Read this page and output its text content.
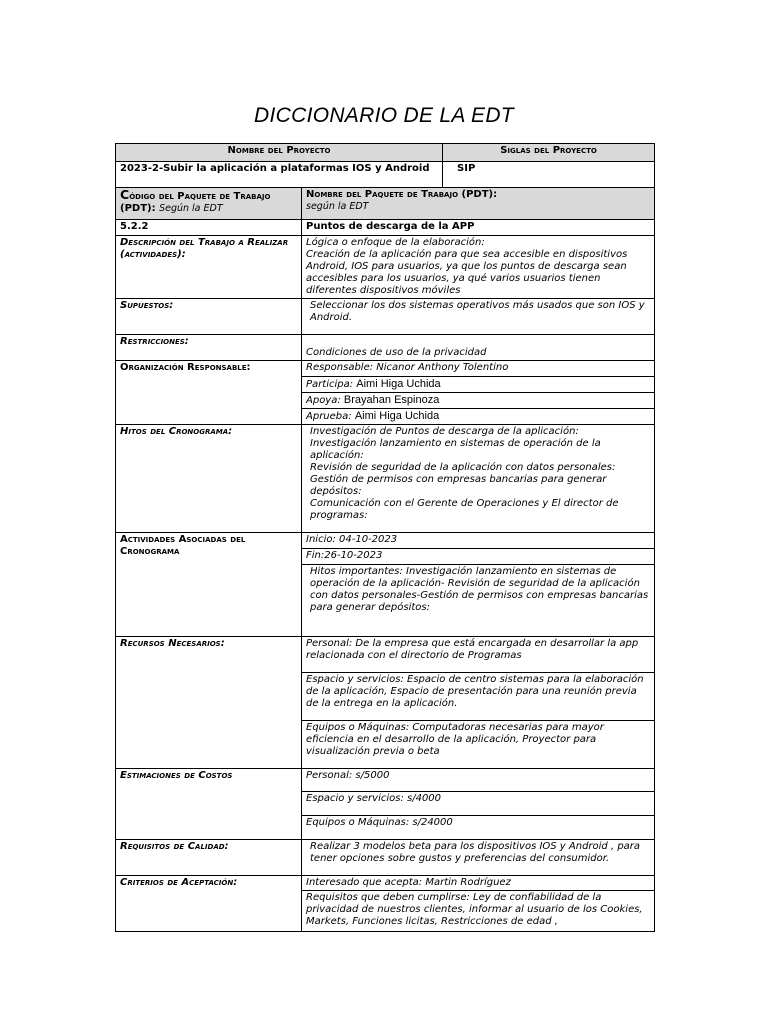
DICCIONARIO DE LA EDT
Nombre del Proyecto		Siglas del Proyecto
2023-2-Subir la aplicación a plataformas IOS y Android		SIP
Código del Paquete de Trabajo (PDT): Según la EDT	Nombre del Paquete de Trabajo (PDT):
según la EDT	
5.2.2	Puntos de descarga de la APP	
Descripción del Trabajo a Realizar (actividades):	Lógica o enfoque de la elaboración:
Creación de la aplicación para que sea accesible en dispositivos Android, IOS para usuarios, ya que los puntos de descarga sean accesibles para los usuarios, ya qué varios usuarios tienen diferentes dispositivos móviles	

Supuestos:	Seleccionar los dos sistemas operativos más usados que son IOS y Android.	
Restricciones:	Condiciones de uso de la privacidad	
Organización Responsable:	Responsable: Nicanor Anthony Tolentino	
	Participa: Aimi Higa Uchida	
	Apoya: Brayahan Espinoza	
	Aprueba: Aimi Higa Uchida	
Hitos del Cronograma:	Investigación de Puntos de descarga de la aplicación:
Investigación lanzamiento en sistemas de operación de la aplicación:
Revisión de seguridad de la aplicación con datos personales:
Gestión de permisos con empresas bancarias para generar depósitos:
Comunicación con el Gerente de Operaciones y El director de programas:	

Actividades Asociadas del Cronograma	Inicio: 04-10-2023	
	Fin:26-10-2023	
	Hitos importantes: Investigación lanzamiento en sistemas de operación de la aplicación- Revisión de seguridad de la aplicación con datos personales-Gestión de permisos con empresas bancarias para generar depósitos:	
Recursos Necesarios:	Personal: De la empresa que está encargada en desarrollar la app relacionada con el directorio de Programas	
	Espacio y servicios: Espacio de centro sistemas para la elaboración de la aplicación, Espacio de presentación para una reunión previa de la entrega en la aplicación.	
	Equipos o Máquinas: Computadoras necesarias para mayor eficiencia en el desarrollo de la aplicación, Proyector para visualización previa o beta	
Estimaciones de Costos	Personal: s/5000	
	Espacio y servicios: s/4000	
	Equipos o Máquinas: s/24000	
Requisitos de Calidad:	Realizar 3 modelos beta para los dispositivos IOS y Android , para tener opciones sobre gustos y preferencias del consumidor.	
Criterios de Aceptación:	Interesado que acepta: Martin Rodríguez	
	Requisitos que deben cumplirse: Ley de confiabilidad de la privacidad de nuestros clientes, informar al usuario de los Cookies, Markets, Funciones licitas, Restricciones de edad ,	
